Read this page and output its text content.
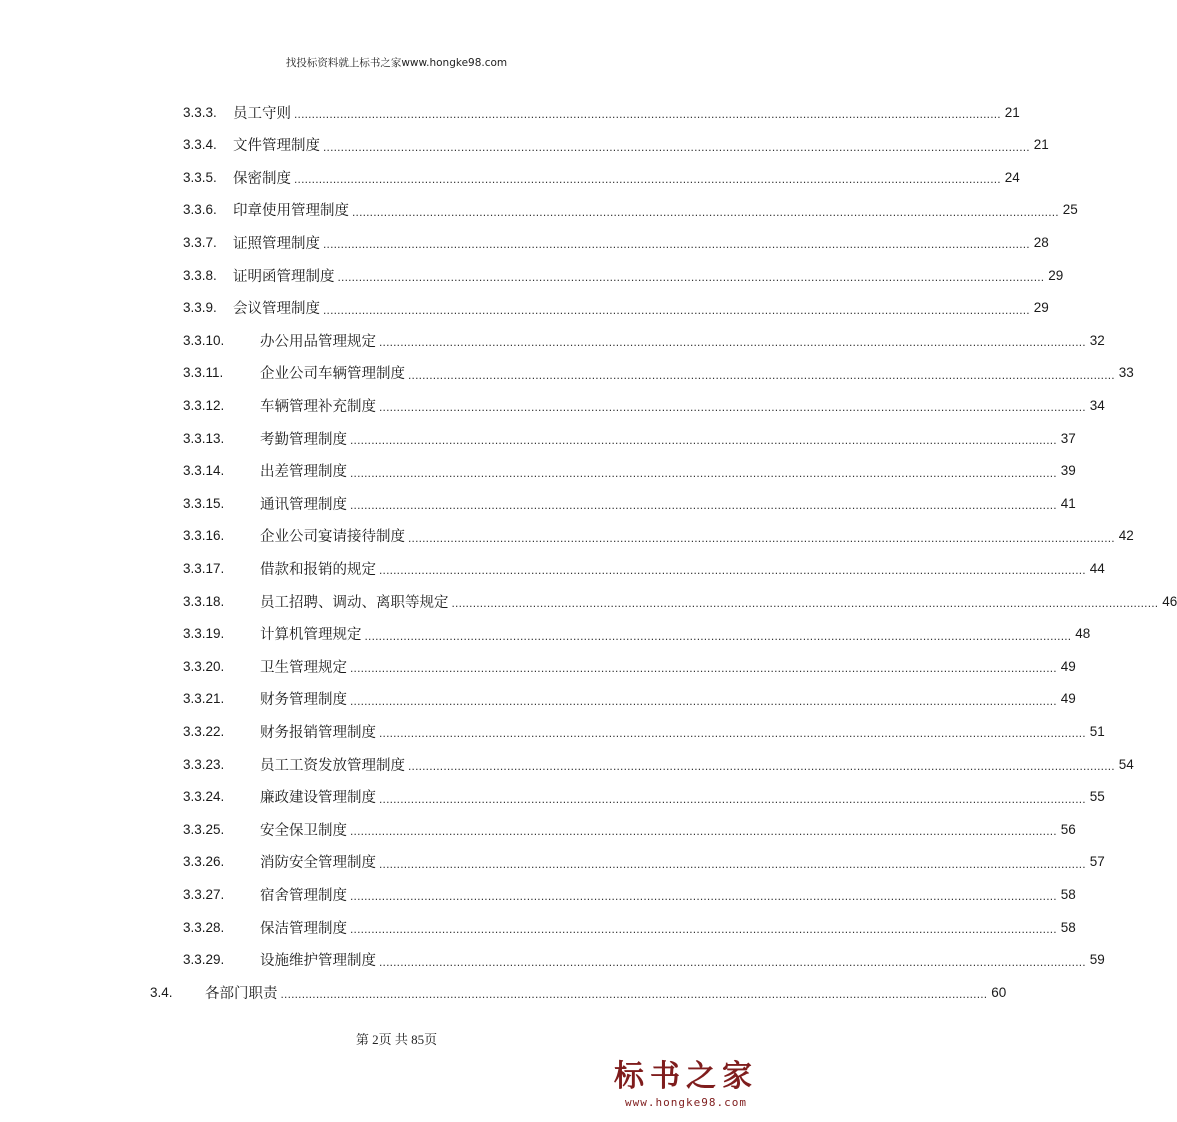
找投标资料就上标书之家www.hongke98.com
3.3.3.	员工守则 ........................................................................................................................................................................................................ 21
3.3.4.	文件管理制度 ........................................................................................................................................................................................................ 21
3.3.5.	保密制度 ........................................................................................................................................................................................................ 24
3.3.6.	印章使用管理制度 ........................................................................................................................................................................................................ 25
3.3.7.	证照管理制度 ........................................................................................................................................................................................................ 28
3.3.8.	证明函管理制度 ........................................................................................................................................................................................................ 29
3.3.9.	会议管理制度 ........................................................................................................................................................................................................ 29
3.3.10.	办公用品管理规定 ........................................................................................................................................................................................................ 32
3.3.11.	企业公司车辆管理制度 ........................................................................................................................................................................................................ 33
3.3.12.	车辆管理补充制度 ........................................................................................................................................................................................................ 34
3.3.13.	考勤管理制度 ........................................................................................................................................................................................................ 37
3.3.14.	出差管理制度 ........................................................................................................................................................................................................ 39
3.3.15.	通讯管理制度 ........................................................................................................................................................................................................ 41
3.3.16.	企业公司宴请接待制度 ........................................................................................................................................................................................................ 42
3.3.17.	借款和报销的规定 ........................................................................................................................................................................................................ 44
3.3.18.	员工招聘、调动、离职等规定 ........................................................................................................................................................................................................ 46
3.3.19.	计算机管理规定 ........................................................................................................................................................................................................ 48
3.3.20.	卫生管理规定 ........................................................................................................................................................................................................ 49
3.3.21.	财务管理制度 ........................................................................................................................................................................................................ 49
3.3.22.	财务报销管理制度 ........................................................................................................................................................................................................ 51
3.3.23.	员工工资发放管理制度 ........................................................................................................................................................................................................ 54
3.3.24.	廉政建设管理制度 ........................................................................................................................................................................................................ 55
3.3.25.	安全保卫制度 ........................................................................................................................................................................................................ 56
3.3.26.	消防安全管理制度 ........................................................................................................................................................................................................ 57
3.3.27.	宿舍管理制度 ........................................................................................................................................................................................................ 58
3.3.28.	保洁管理制度 ........................................................................................................................................................................................................ 58
3.3.29.	设施维护管理制度 ........................................................................................................................................................................................................ 59
3.4.	各部门职责 ........................................................................................................................................................................................................ 60
第 2页 共 85页
标书之家
www.hongke98.com
